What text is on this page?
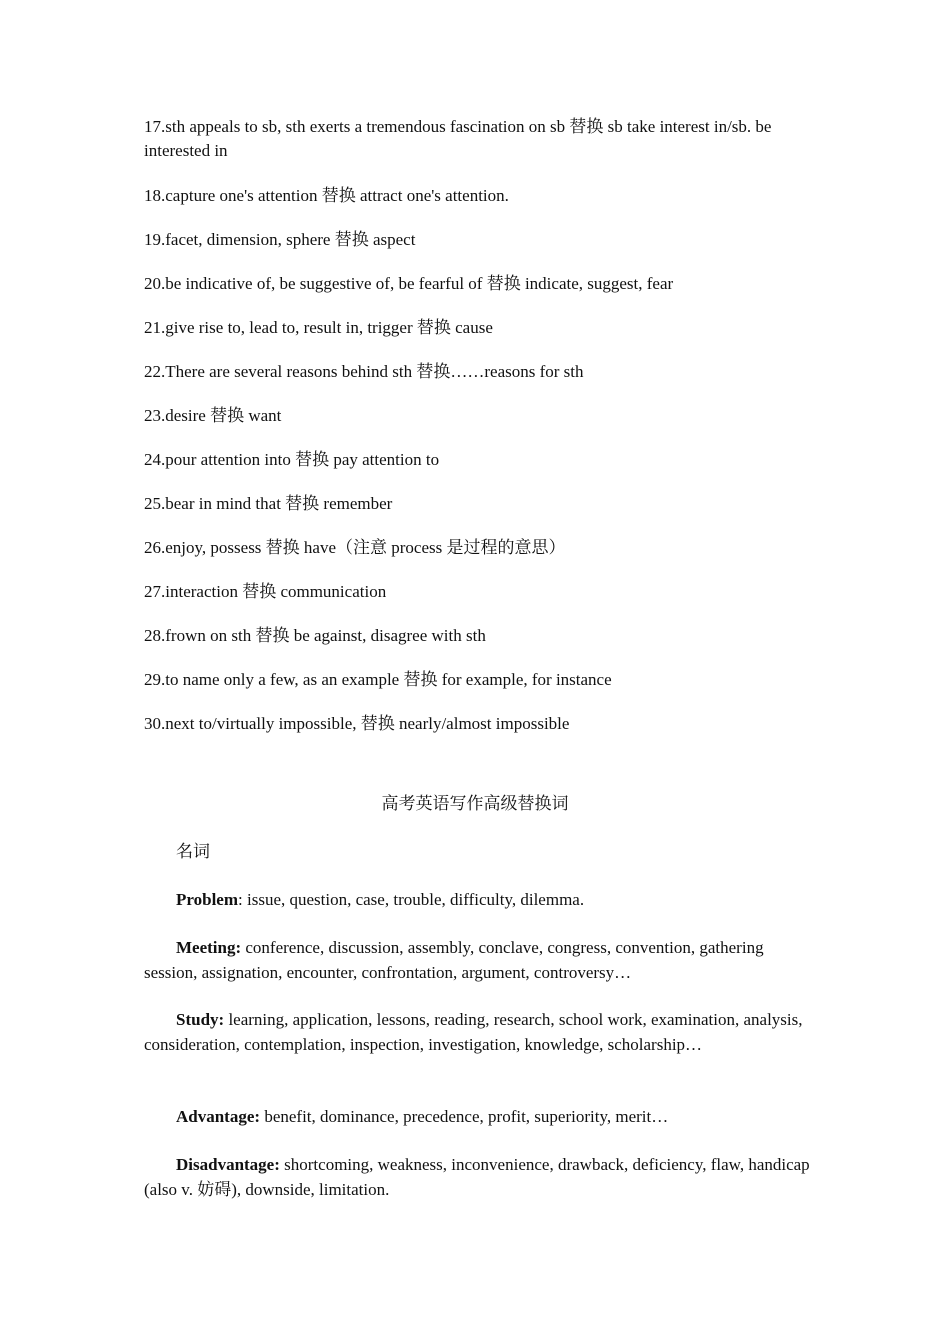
17.sth appeals to sb, sth exerts a tremendous fascination on sb 替换 sb take interest in/sb. be interested in

18.capture one's attention 替换 attract one's attention.

19.facet, dimension, sphere 替换 aspect

20.be indicative of, be suggestive of, be fearful of 替换 indicate, suggest, fear

21.give rise to, lead to, result in, trigger 替换 cause

22.There are several reasons behind sth 替换……reasons for sth

23.desire 替换 want

24.pour attention into 替换 pay attention to

25.bear in mind that 替换 remember

26.enjoy, possess 替换 have（注意 process 是过程的意思）

27.interaction 替换 communication

28.frown on sth 替换 be against, disagree with sth

29.to name only a few, as an example 替换 for example, for instance

30.next to/virtually impossible, 替换 nearly/almost impossible

高考英语写作高级替换词

名词

Problem: issue, question, case, trouble, difficulty, dilemma.

Meeting: conference, discussion, assembly, conclave, congress, convention, gathering session, assignation, encounter, confrontation, argument, controversy…

Study: learning, application, lessons, reading, research, school work, examination, analysis, consideration, contemplation, inspection, investigation, knowledge, scholarship…

Advantage: benefit, dominance, precedence, profit, superiority, merit…

Disadvantage: shortcoming, weakness, inconvenience, drawback, deficiency, flaw, handicap (also v. 妨碍), downside, limitation.
